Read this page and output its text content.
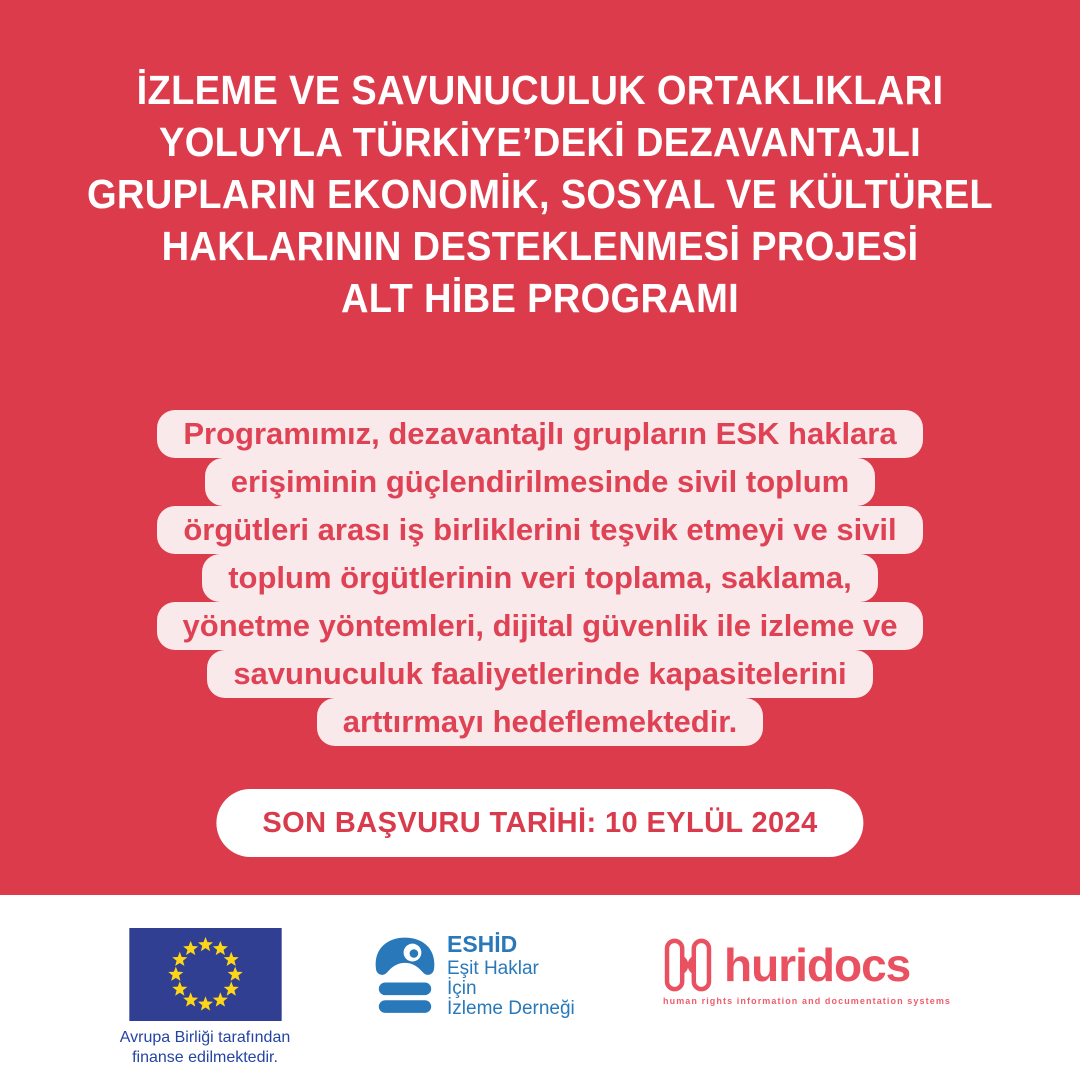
İZLEME VE SAVUNUCULUK ORTAKLIKLARI
YOLUYLA TÜRKİYE’DEKİ DEZAVANTAJLI
GRUPLARIN EKONOMİK, SOSYAL VE KÜLTÜREL
HAKLARININ DESTEKLENMESİ PROJESİ
ALT HİBE PROGRAMI
Programımız, dezavantajlı grupların ESK haklara
erişiminin güçlendirilmesinde sivil toplum
örgütleri arası iş birliklerini teşvik etmeyi ve sivil
toplum örgütlerinin veri toplama, saklama,
yönetme yöntemleri, dijital güvenlik ile izleme ve
savunuculuk faaliyetlerinde kapasitelerini
arttırmayı hedeflemektedir.
SON BAŞVURU TARİHİ: 10 EYLÜL 2024
Avrupa Birliği tarafından
finanse edilmektedir.
ESHİD
Eşit Haklar
İçin
İzleme Derneği
huridocs
human rights information and documentation systems
